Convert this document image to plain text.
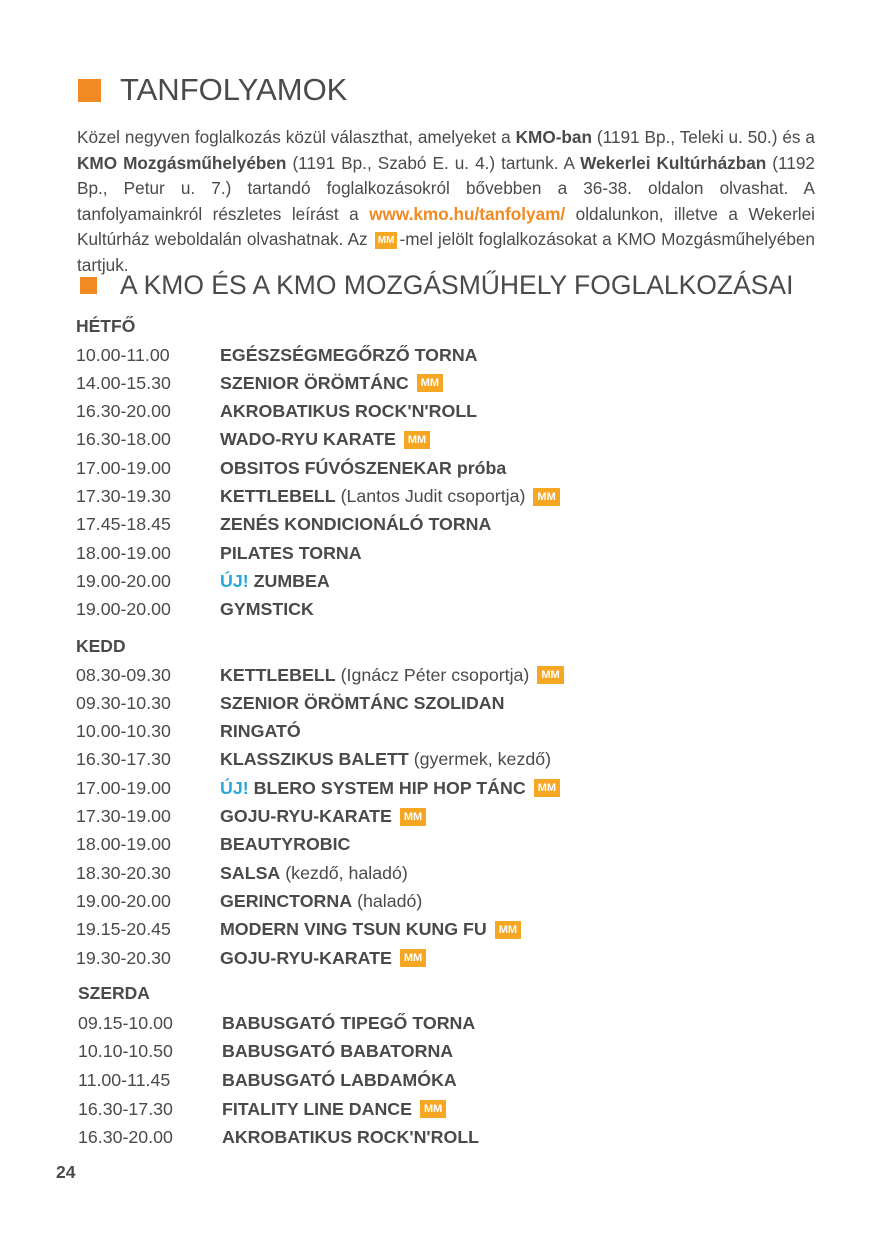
TANFOLYAMOK
Közel negyven foglalkozás közül választhat, amelyeket a KMO-ban (1191 Bp., Teleki u. 50.) és a KMO Mozgásműhelyében (1191 Bp., Szabó E. u. 4.) tartunk. A Wekerlei Kultúrházban (1192 Bp., Petur u. 7.) tartandó foglalkozásokról bővebben a 36-38. oldalon olvashat. A tanfolyamainkról részletes leírást a www.kmo.hu/tanfolyam/ oldalunkon, illetve a Wekerlei Kultúrház weboldalán olvashatnak. Az MM -mel jelölt foglalkozásokat a KMO Mozgásműhelyében tartjuk.
A KMO ÉS A KMO MOZGÁSMŰHELY FOGLALKOZÁSAI
HÉTFŐ
10.00-11.00	EGÉSZSÉGMEGŐRZŐ TORNA
14.00-15.30	SZENIOR ÖRÖMTÁNC	MM
16.30-20.00	AKROBATIKUS ROCK'N'ROLL
16.30-18.00	WADO-RYU KARATE	MM
17.00-19.00	OBSITOS FÚVÓSZENEKAR próba
17.30-19.30	KETTLEBELL (Lantos Judit csoportja)	MM
17.45-18.45	ZENÉS KONDICIONÁLÓ TORNA
18.00-19.00	PILATES TORNA
19.00-20.00	ÚJ! ZUMBEA
19.00-20.00	GYMSTICK
KEDD
08.30-09.30	KETTLEBELL (Ignácz Péter csoportja)	MM
09.30-10.30	SZENIOR ÖRÖMTÁNC SZOLIDAN
10.00-10.30	RINGATÓ
16.30-17.30	KLASSZIKUS BALETT (gyermek, kezdő)
17.00-19.00	ÚJ! BLERO SYSTEM HIP HOP TÁNC	MM
17.30-19.00	GOJU-RYU-KARATE	MM
18.00-19.00	BEAUTYROBIC
18.30-20.30	SALSA (kezdő, haladó)
19.00-20.00	GERINCTORNA (haladó)
19.15-20.45	MODERN VING TSUN KUNG FU	MM
19.30-20.30	GOJU-RYU-KARATE	MM
SZERDA
09.15-10.00	BABUSGATÓ TIPEGŐ TORNA
10.10-10.50	BABUSGATÓ BABATORNA
11.00-11.45	BABUSGATÓ LABDAMÓKA
16.30-17.30	FITALITY LINE DANCE	MM
16.30-20.00	AKROBATIKUS ROCK'N'ROLL
24
